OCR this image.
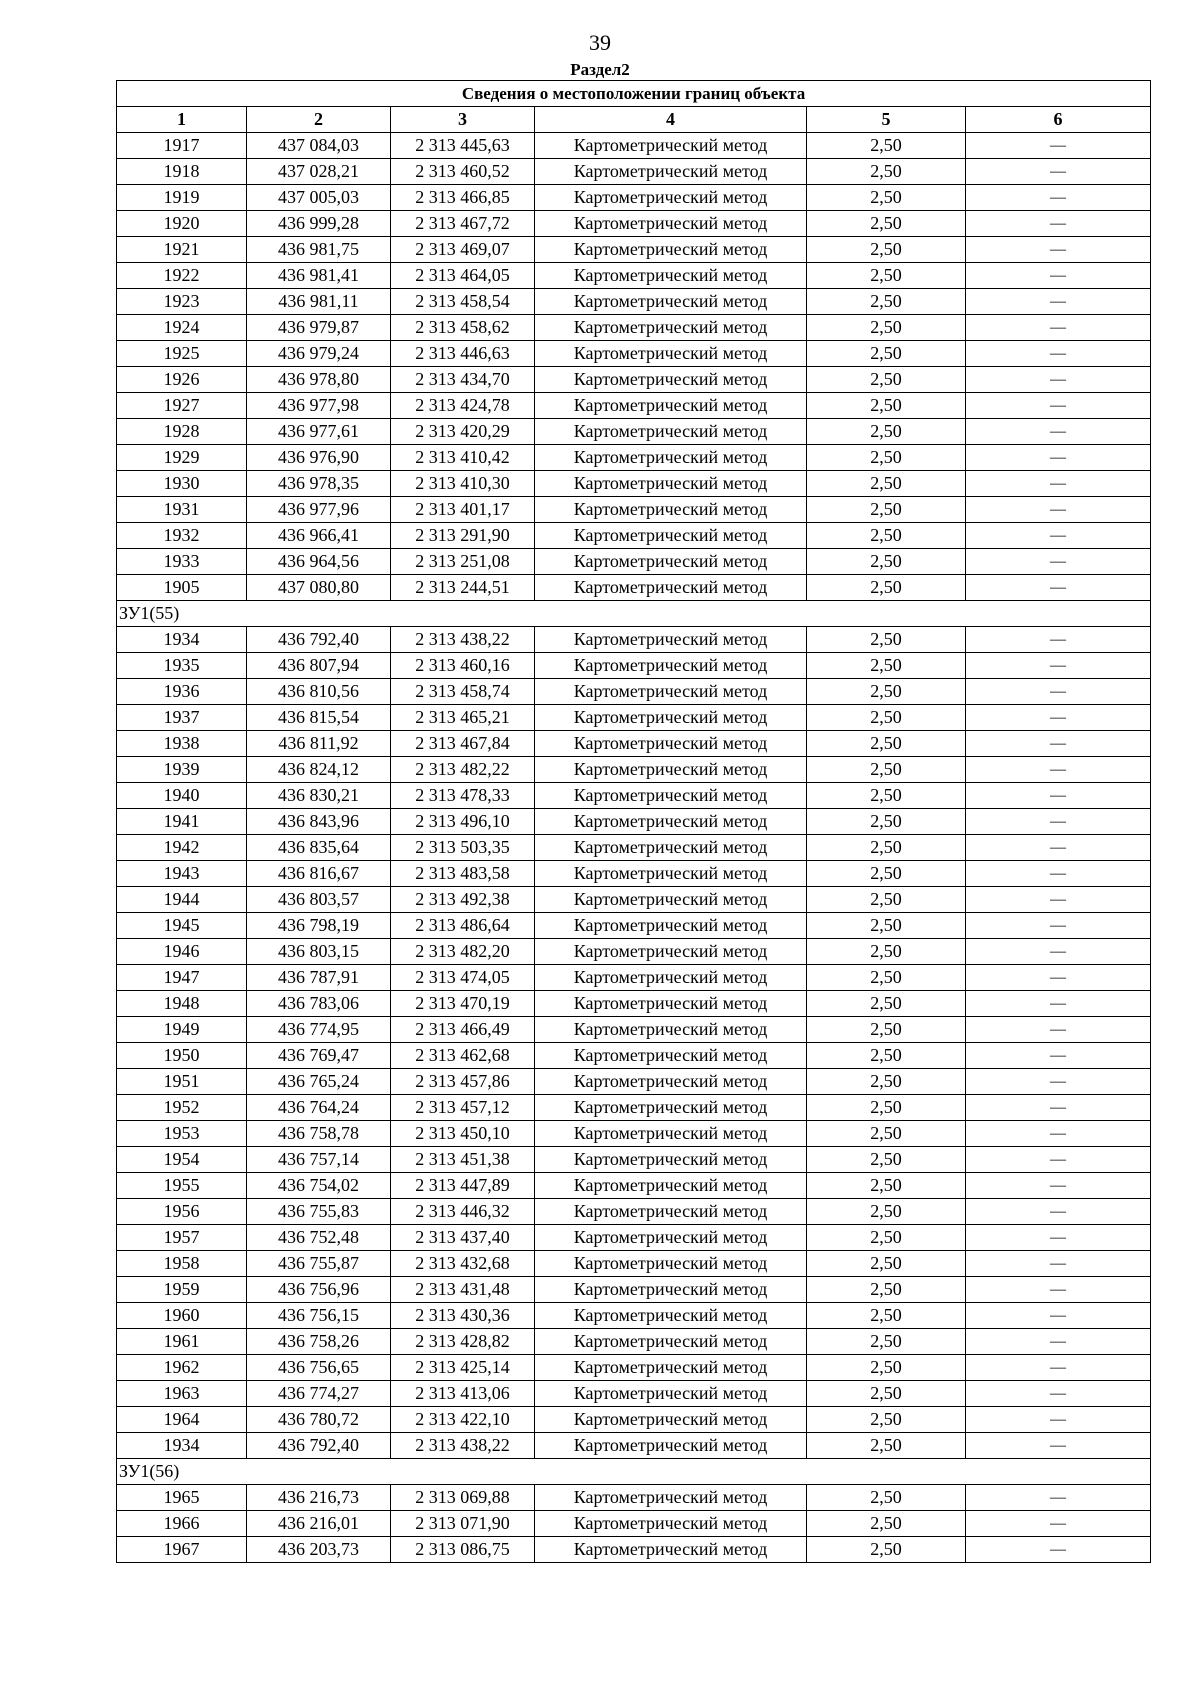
39
Раздел2
Сведения о местоположении границ объекта					
1	2	3	4	5	6
1917	437 084,03	2 313 445,63	Картометрический метод	2,50	—
1918	437 028,21	2 313 460,52	Картометрический метод	2,50	—
1919	437 005,03	2 313 466,85	Картометрический метод	2,50	—
1920	436 999,28	2 313 467,72	Картометрический метод	2,50	—
1921	436 981,75	2 313 469,07	Картометрический метод	2,50	—
1922	436 981,41	2 313 464,05	Картометрический метод	2,50	—
1923	436 981,11	2 313 458,54	Картометрический метод	2,50	—
1924	436 979,87	2 313 458,62	Картометрический метод	2,50	—
1925	436 979,24	2 313 446,63	Картометрический метод	2,50	—
1926	436 978,80	2 313 434,70	Картометрический метод	2,50	—
1927	436 977,98	2 313 424,78	Картометрический метод	2,50	—
1928	436 977,61	2 313 420,29	Картометрический метод	2,50	—
1929	436 976,90	2 313 410,42	Картометрический метод	2,50	—
1930	436 978,35	2 313 410,30	Картометрический метод	2,50	—
1931	436 977,96	2 313 401,17	Картометрический метод	2,50	—
1932	436 966,41	2 313 291,90	Картометрический метод	2,50	—
1933	436 964,56	2 313 251,08	Картометрический метод	2,50	—
1905	437 080,80	2 313 244,51	Картометрический метод	2,50	—
ЗУ1(55)					
1934	436 792,40	2 313 438,22	Картометрический метод	2,50	—
1935	436 807,94	2 313 460,16	Картометрический метод	2,50	—
1936	436 810,56	2 313 458,74	Картометрический метод	2,50	—
1937	436 815,54	2 313 465,21	Картометрический метод	2,50	—
1938	436 811,92	2 313 467,84	Картометрический метод	2,50	—
1939	436 824,12	2 313 482,22	Картометрический метод	2,50	—
1940	436 830,21	2 313 478,33	Картометрический метод	2,50	—
1941	436 843,96	2 313 496,10	Картометрический метод	2,50	—
1942	436 835,64	2 313 503,35	Картометрический метод	2,50	—
1943	436 816,67	2 313 483,58	Картометрический метод	2,50	—
1944	436 803,57	2 313 492,38	Картометрический метод	2,50	—
1945	436 798,19	2 313 486,64	Картометрический метод	2,50	—
1946	436 803,15	2 313 482,20	Картометрический метод	2,50	—
1947	436 787,91	2 313 474,05	Картометрический метод	2,50	—
1948	436 783,06	2 313 470,19	Картометрический метод	2,50	—
1949	436 774,95	2 313 466,49	Картометрический метод	2,50	—
1950	436 769,47	2 313 462,68	Картометрический метод	2,50	—
1951	436 765,24	2 313 457,86	Картометрический метод	2,50	—
1952	436 764,24	2 313 457,12	Картометрический метод	2,50	—
1953	436 758,78	2 313 450,10	Картометрический метод	2,50	—
1954	436 757,14	2 313 451,38	Картометрический метод	2,50	—
1955	436 754,02	2 313 447,89	Картометрический метод	2,50	—
1956	436 755,83	2 313 446,32	Картометрический метод	2,50	—
1957	436 752,48	2 313 437,40	Картометрический метод	2,50	—
1958	436 755,87	2 313 432,68	Картометрический метод	2,50	—
1959	436 756,96	2 313 431,48	Картометрический метод	2,50	—
1960	436 756,15	2 313 430,36	Картометрический метод	2,50	—
1961	436 758,26	2 313 428,82	Картометрический метод	2,50	—
1962	436 756,65	2 313 425,14	Картометрический метод	2,50	—
1963	436 774,27	2 313 413,06	Картометрический метод	2,50	—
1964	436 780,72	2 313 422,10	Картометрический метод	2,50	—
1934	436 792,40	2 313 438,22	Картометрический метод	2,50	—
ЗУ1(56)					
1965	436 216,73	2 313 069,88	Картометрический метод	2,50	—
1966	436 216,01	2 313 071,90	Картометрический метод	2,50	—
1967	436 203,73	2 313 086,75	Картометрический метод	2,50	—
